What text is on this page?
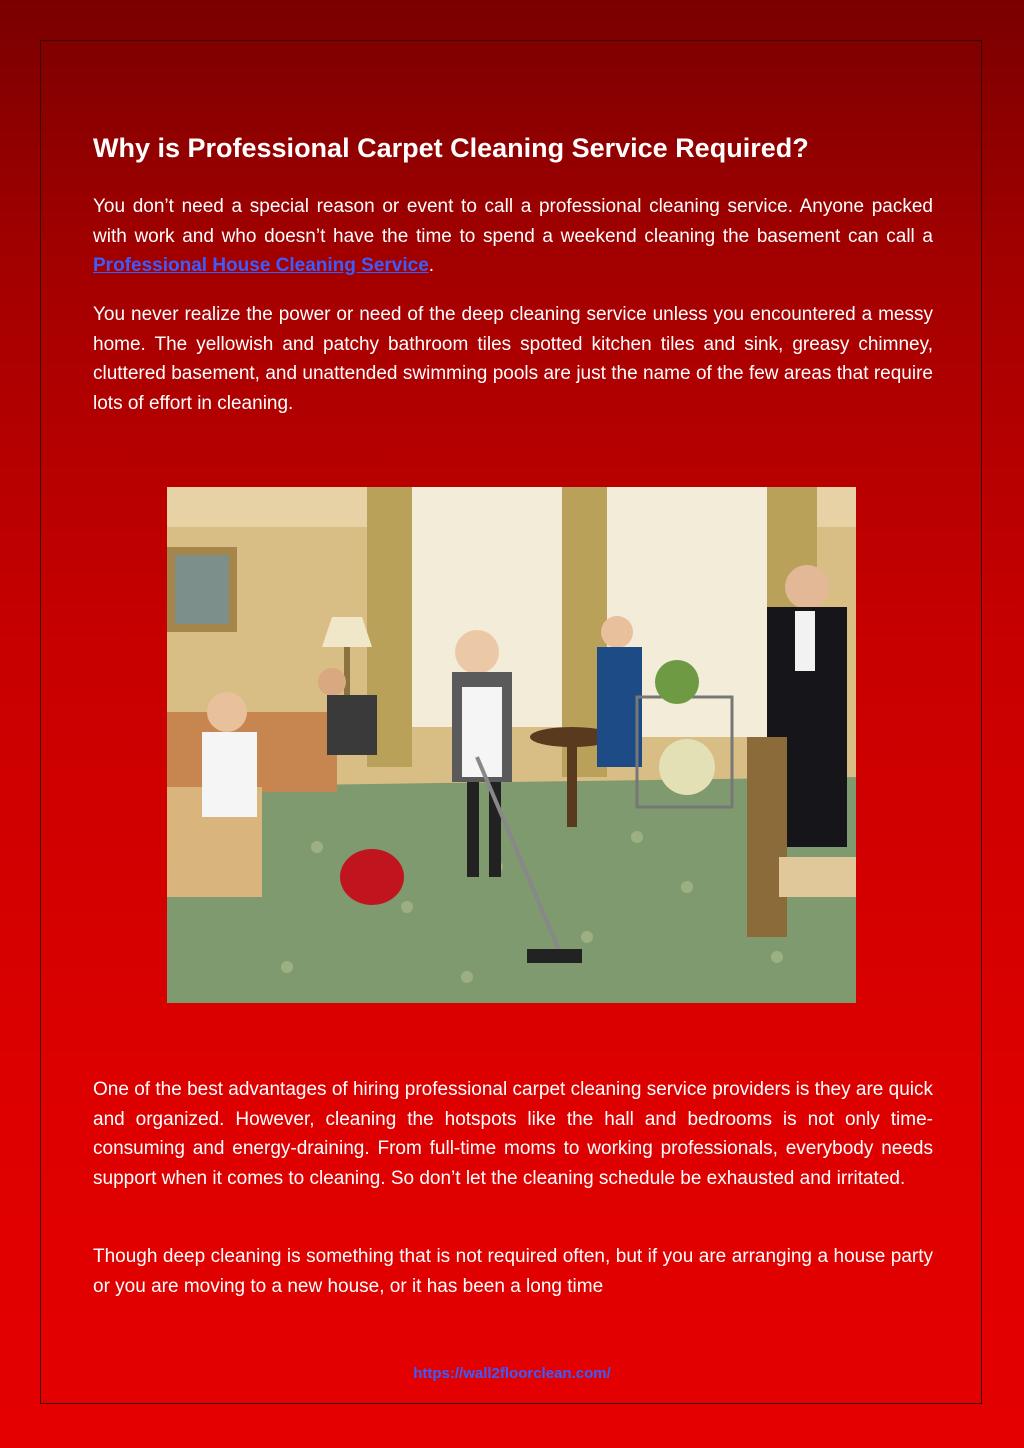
Why is Professional Carpet Cleaning Service Required?

You don’t need a special reason or event to call a professional cleaning service. Anyone packed with work and who doesn’t have the time to spend a weekend cleaning the basement can call a Professional House Cleaning Service.

You never realize the power or need of the deep cleaning service unless you encountered a messy home. The yellowish and patchy bathroom tiles spotted kitchen tiles and sink, greasy chimney, cluttered basement, and unattended swimming pools are just the name of the few areas that require lots of effort in cleaning.

One of the best advantages of hiring professional carpet cleaning service providers is they are quick and organized. However, cleaning the hotspots like the hall and bedrooms is not only time-consuming and energy-draining. From full-time moms to working professionals, everybody needs support when it comes to cleaning. So don’t let the cleaning schedule be exhausted and irritated.

Though deep cleaning is something that is not required often, but if you are arranging a house party or you are moving to a new house, or it has been a long time

https://wall2floorclean.com/
